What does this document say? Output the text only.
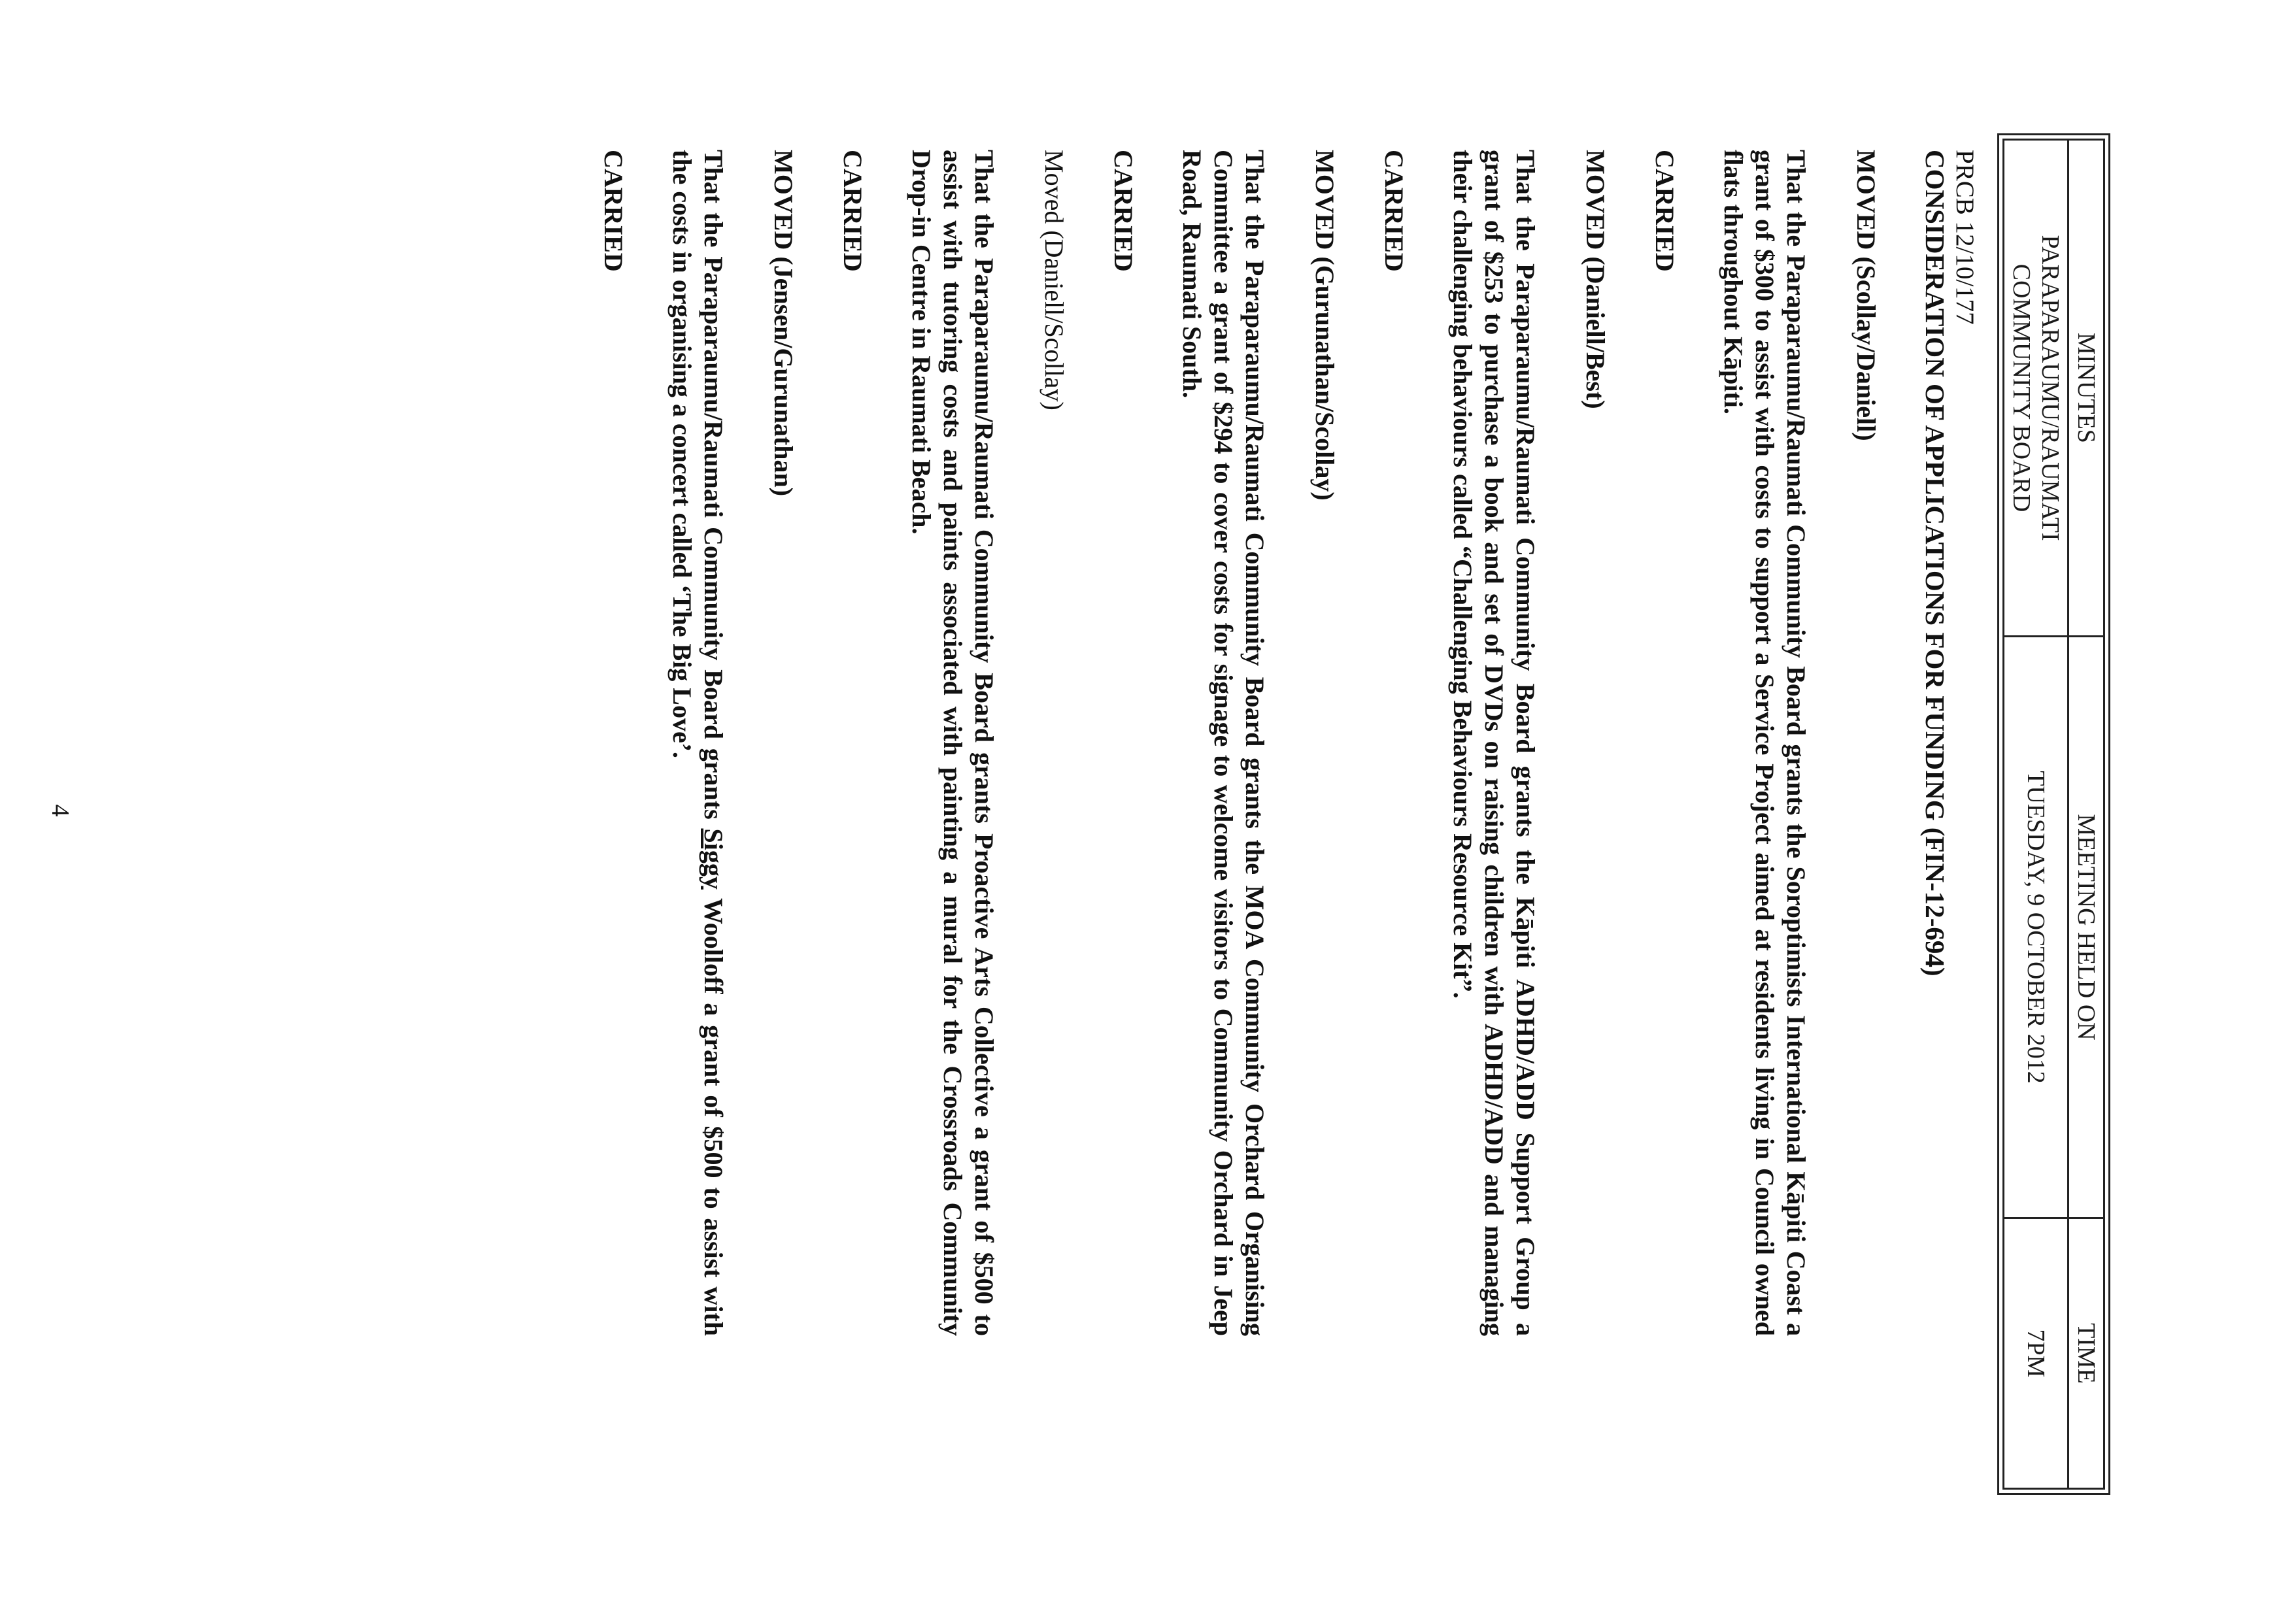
MINUTES	MEETING HELD ON	TIME

PARAPARAUMU/RAUMATI
COMMUNITY BOARD	TUESDAY, 9 OCTOBER 2012	7PM

PRCB 12/10/177

CONSIDERATION OF APPLICATIONS FOR FUNDING (FIN-12-694)

MOVED (Scollay/Daniell)

That the Paraparaumu/Raumati Community Board grants the Soroptimists International Kāpiti Coast a grant of $300 to assist with costs to support a Service Project aimed at residents living in Council owned flats throughout Kāpiti.

CARRIED

MOVED (Daniell/Best)

That the Paraparaumu/Raumati Community Board grants the Kāpiti ADHD/ADD Support Group a grant of $253 to purchase a book and set of DVDs on raising children with ADHD/ADD and managing their challenging behaviours called “Challenging Behaviours Resource Kit”.

CARRIED

MOVED (Gurunathan/Scollay)

That the Paraparaumu/Raumati Community Board grants the MOA Community Orchard Organising Committee a grant of $294 to cover costs for signage to welcome visitors to Community Orchard in Jeep Road, Raumati South.

CARRIED

Moved (Daniell/Scollay)

That the Paraparaumu/Raumati Community Board grants Proactive Arts Collective a grant of $500 to assist with tutoring costs and paints associated with painting a mural for the Crossroads Community Drop-in Centre in Raumati Beach.

CARRIED

MOVED (Jensen/Gurunathan)

That the Paraparaumu/Raumati Community Board grants Siggy Woolloff a grant of $500 to assist with the costs in organising a concert called ‘The Big Love’.

CARRIED

4
